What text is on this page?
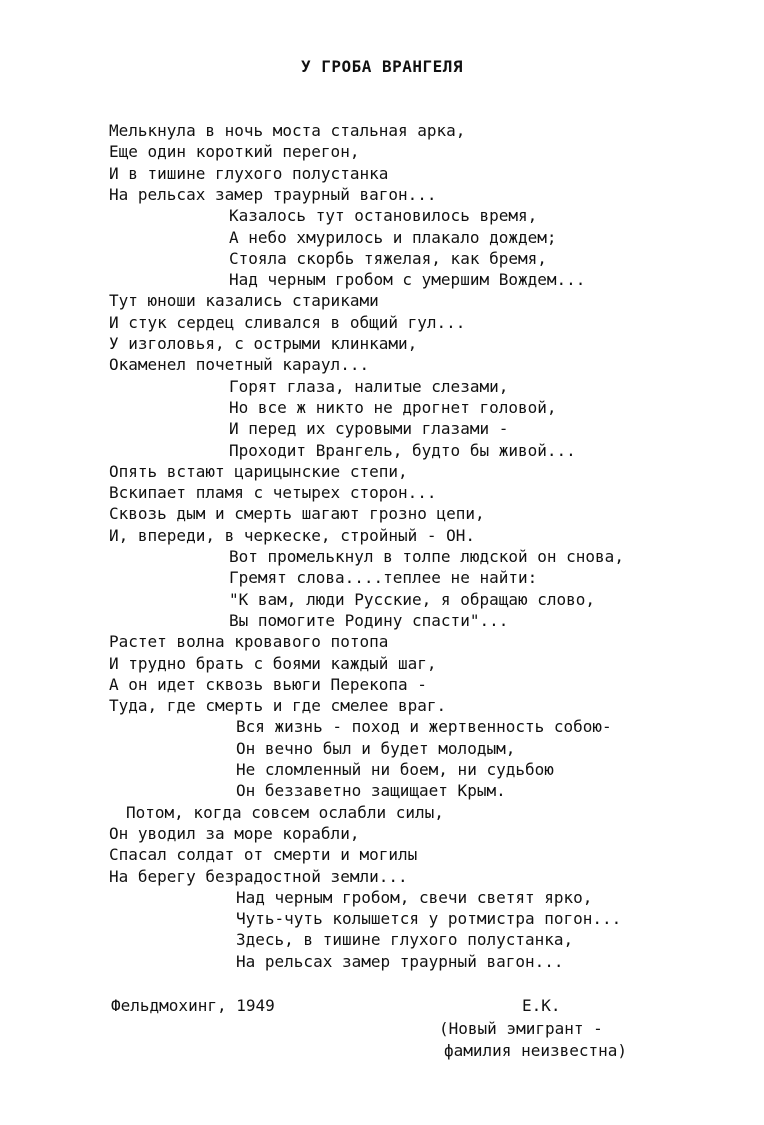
У ГРОБА ВРАНГЕЛЯ
Мелькнула в ночь моста стальная арка,
Еще один короткий перегон,
И в тишине глухого полустанка
На рельсах замер траурный вагон...
Казалось тут остановилось время,
А небо хмурилось и плакало дождем;
Стояла скорбь тяжелая, как бремя,
Над черным гробом с умершим Вождем...
Тут юноши казались стариками
И стук сердец сливался в общий гул...
У изголовья, с острыми клинками,
Окаменел почетный караул...
Горят глаза, налитые слезами,
Но все ж никто не дрогнет головой,
И перед их суровыми глазами -
Проходит Врангель, будто бы живой...
Опять встают царицынские степи,
Вскипает пламя с четырех сторон...
Сквозь дым и смерть шагают грозно цепи,
И, впереди, в черкеске, стройный - ОН.
Вот промелькнул в толпе людской он снова,
Гремят слова....теплее не найти:
"К вам, люди Русские, я обращаю слово,
Вы помогите Родину спасти"...
Растет волна кровавого потопа
И трудно брать с боями каждый шаг,
А он идет сквозь вьюги Перекопа -
Туда, где смерть и где смелее враг.
Вся жизнь - поход и жертвенность собою-
Он вечно был и будет молодым,
Не сломленный ни боем, ни судьбою
Он беззаветно защищает Крым.
Потом, когда совсем ослабли силы,
Он уводил за море корабли,
Спасал солдат от смерти и могилы
На берегу безрадостной земли...
Над черным гробом, свечи светят ярко,
Чуть-чуть колышется у ротмистра погон...
Здесь, в тишине глухого полустанка,
На рельсах замер траурный вагон...
Фельдмохинг, 1949	Е.К.
(Новый эмигрант -
фамилия неизвестна)
